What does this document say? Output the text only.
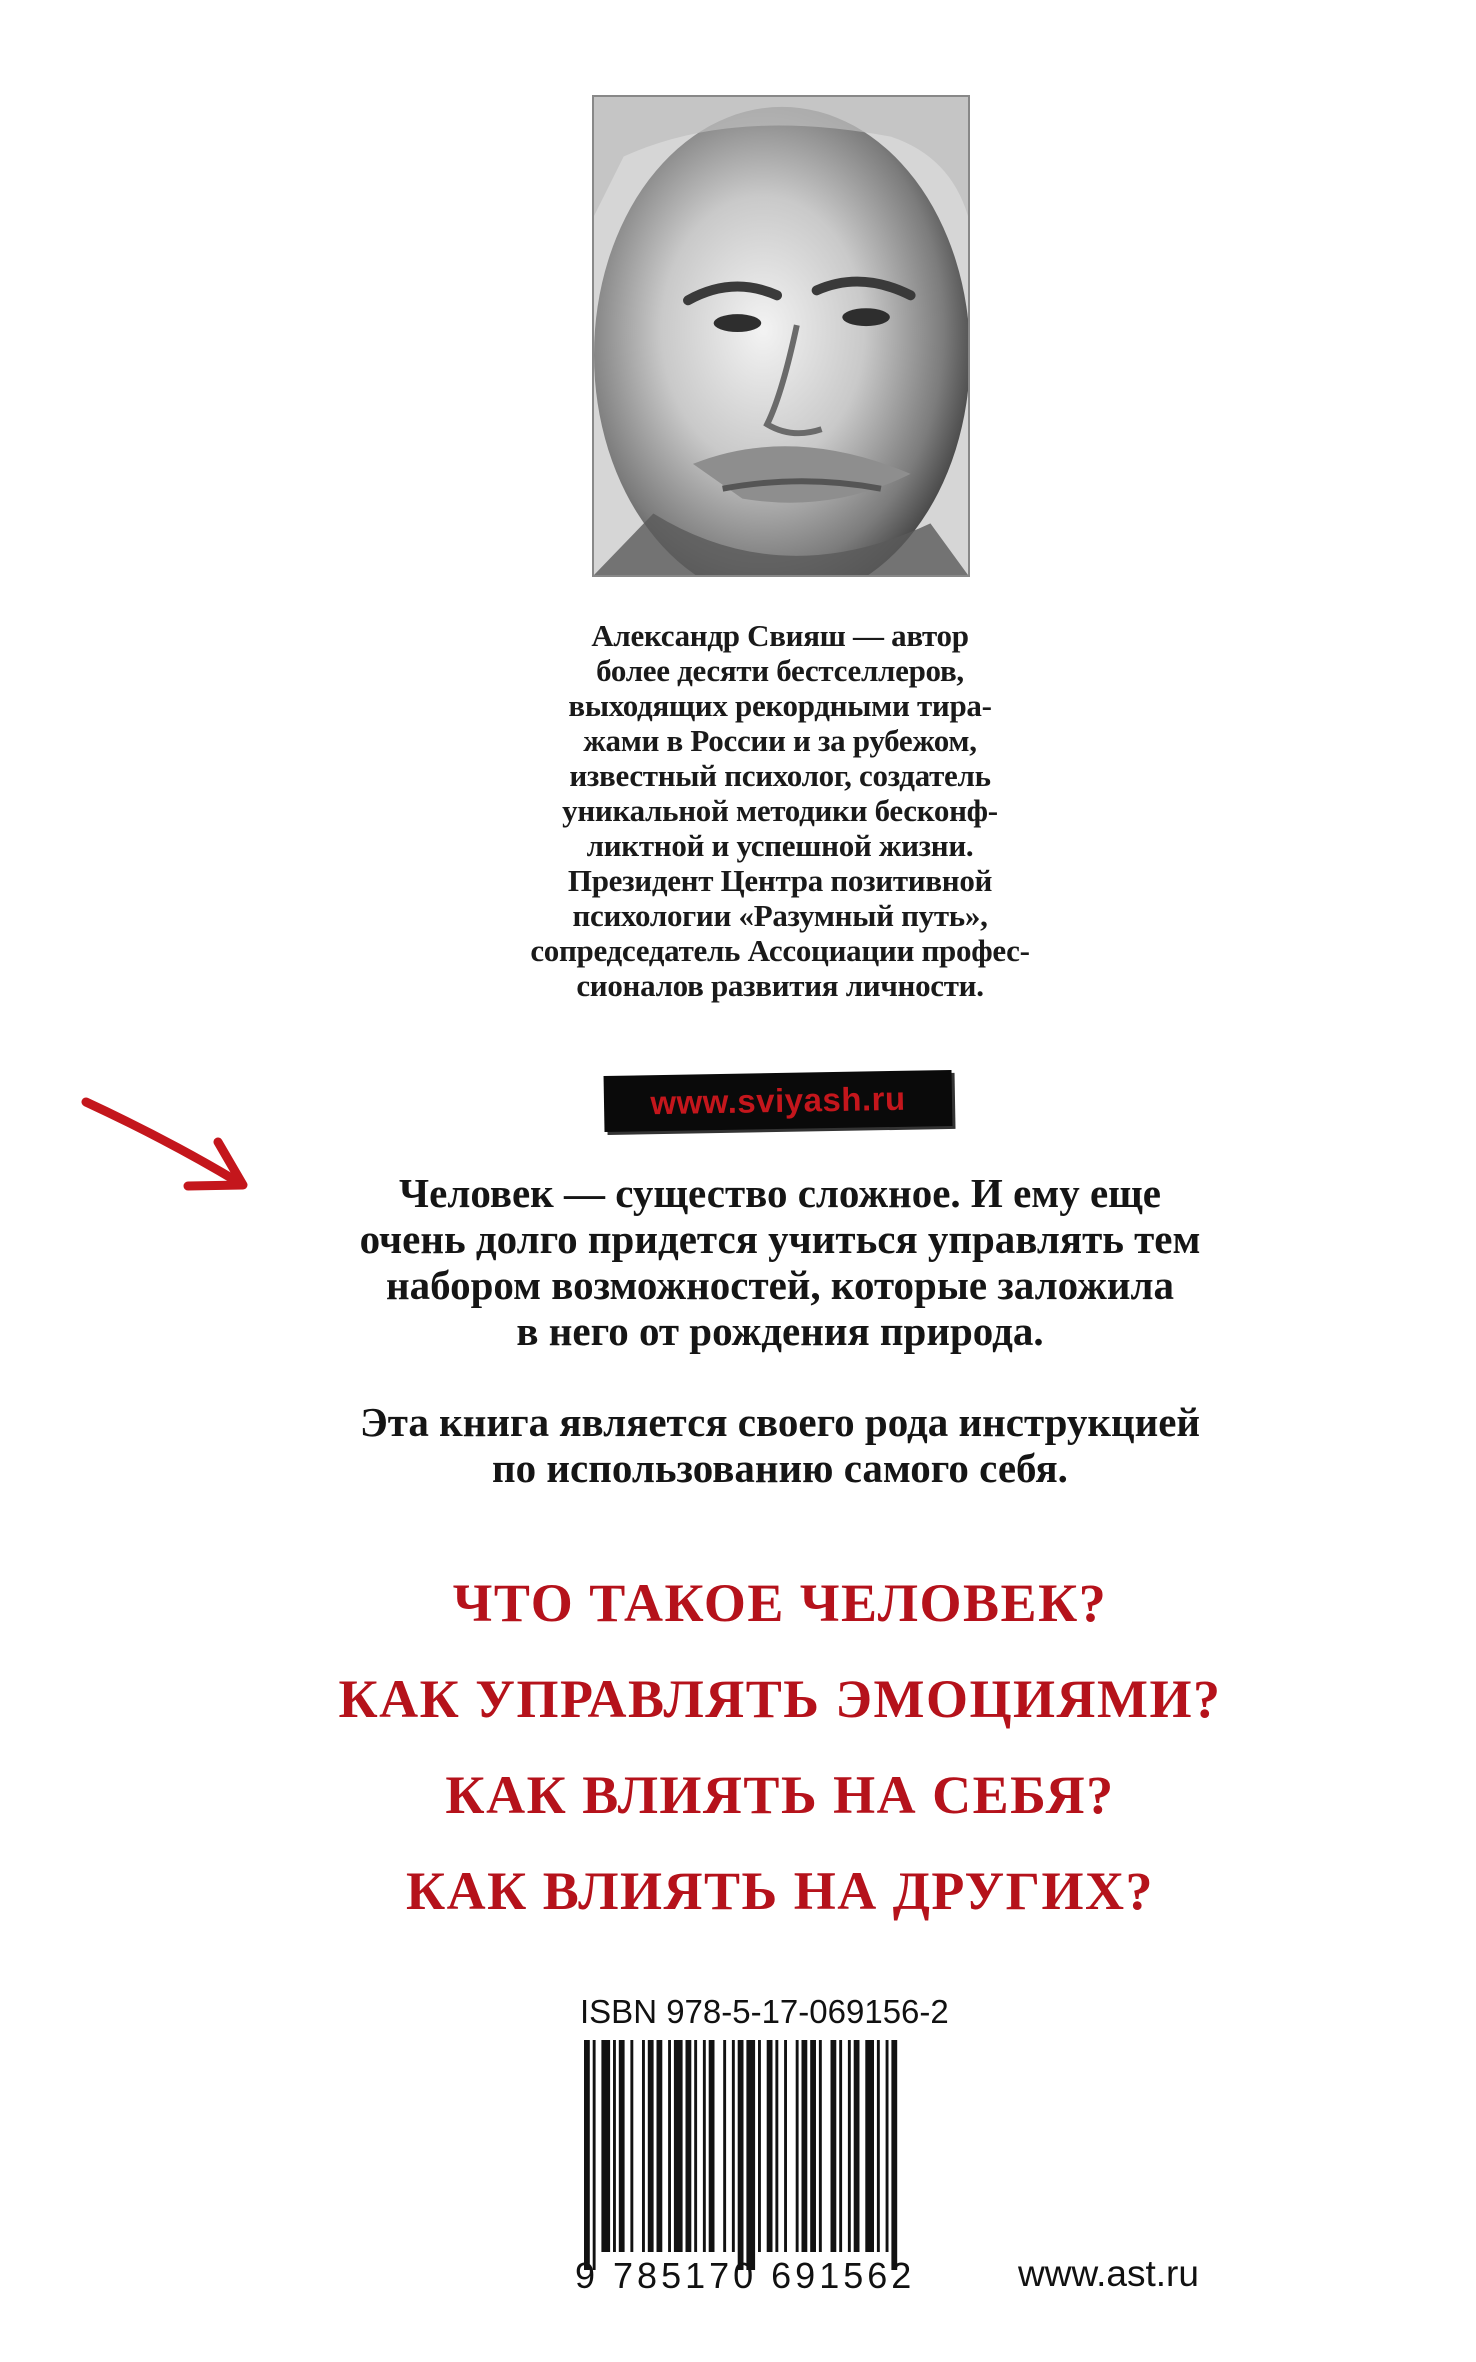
Александр Свияш — автор
более десяти бестселлеров,
выходящих рекордными тира-
жами в России и за рубежом,
известный психолог, создатель
уникальной методики бесконф-
ликтной и успешной жизни.
Президент Центра позитивной
психологии «Разумный путь»,
сопредседатель Ассоциации профес-
сионалов развития личности.
www.sviyash.ru
Человек — существо сложное. И ему еще
очень долго придется учиться управлять тем
набором возможностей, которые заложила
в него от рождения природа.
Эта книга является своего рода инструкцией
по использованию самого себя.
ЧТО ТАКОЕ ЧЕЛОВЕК?
КАК УПРАВЛЯТЬ ЭМОЦИЯМИ?
КАК ВЛИЯТЬ НА СЕБЯ?
КАК ВЛИЯТЬ НА ДРУГИХ?
ISBN 978-5-17-069156-2
9 785170 691562	www.ast.ru
